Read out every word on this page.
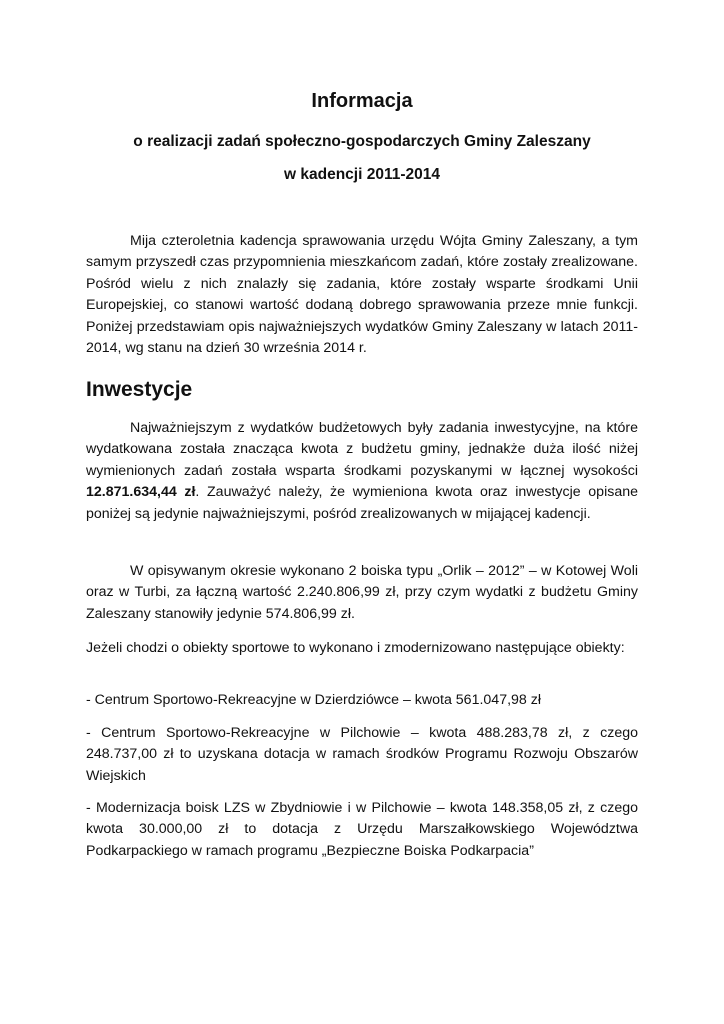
Informacja
o realizacji zadań społeczno-gospodarczych Gminy Zaleszany
w kadencji 2011-2014
Mija czteroletnia kadencja sprawowania urzędu Wójta Gminy Zaleszany, a tym samym przyszedł czas przypomnienia mieszkańcom zadań, które zostały zrealizowane. Pośród wielu z nich znalazły się zadania, które zostały wsparte środkami Unii Europejskiej, co stanowi wartość dodaną dobrego sprawowania przeze mnie funkcji. Poniżej przedstawiam opis najważniejszych wydatków Gminy Zaleszany w latach 2011-2014, wg stanu na dzień 30 września 2014 r.
Inwestycje
Najważniejszym z wydatków budżetowych były zadania inwestycyjne, na które wydatkowana została znacząca kwota z budżetu gminy, jednakże duża ilość niżej wymienionych zadań została wsparta środkami pozyskanymi w łącznej wysokości 12.871.634,44 zł. Zauważyć należy, że wymieniona kwota oraz inwestycje opisane poniżej są jedynie najważniejszymi, pośród zrealizowanych w mijającej kadencji.
W opisywanym okresie wykonano 2 boiska typu „Orlik – 2012” – w Kotowej Woli oraz w Turbi, za łączną wartość 2.240.806,99 zł, przy czym wydatki z budżetu Gminy Zaleszany stanowiły jedynie 574.806,99 zł.
Jeżeli chodzi o obiekty sportowe to wykonano i zmodernizowano następujące obiekty:
- Centrum Sportowo-Rekreacyjne w Dzierdziówce – kwota 561.047,98 zł
- Centrum Sportowo-Rekreacyjne w Pilchowie – kwota 488.283,78 zł, z czego 248.737,00 zł to uzyskana dotacja w ramach środków Programu Rozwoju Obszarów Wiejskich
- Modernizacja boisk LZS w Zbydniowie i w Pilchowie – kwota 148.358,05 zł, z czego kwota 30.000,00 zł to dotacja z Urzędu Marszałkowskiego Województwa Podkarpackiego w ramach programu „Bezpieczne Boiska Podkarpacia”
